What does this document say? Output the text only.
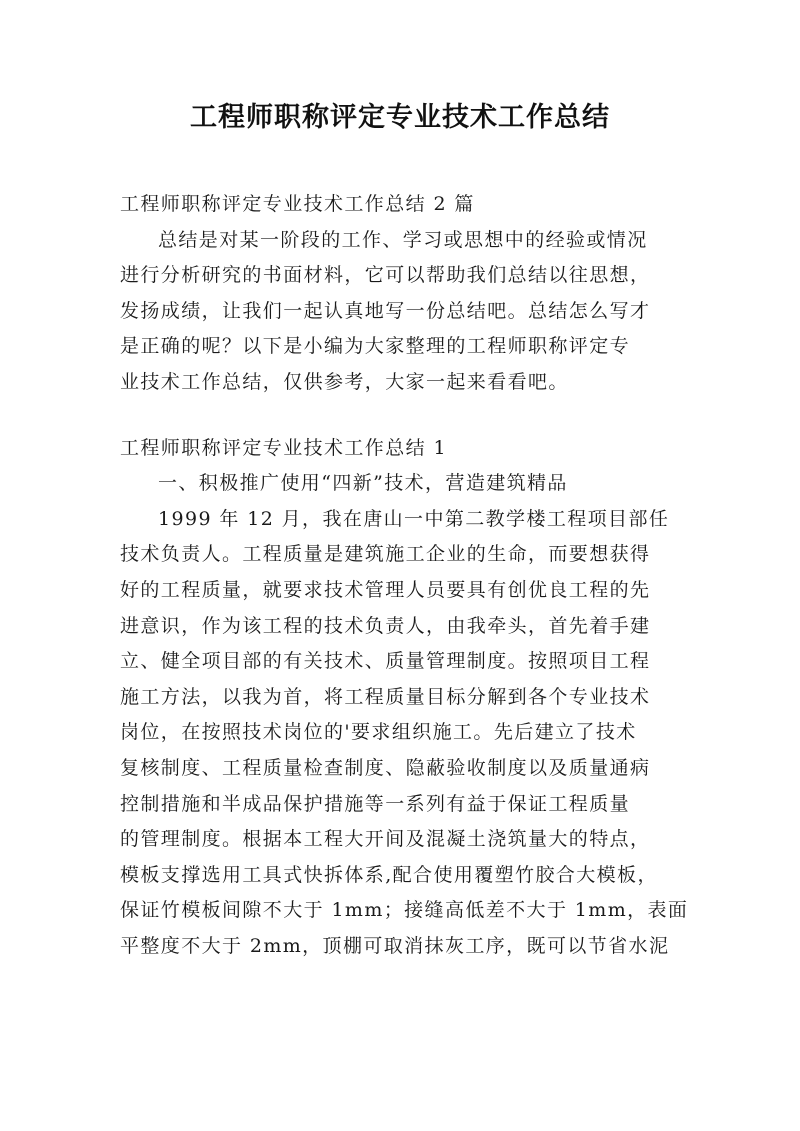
工程师职称评定专业技术工作总结

工程师职称评定专业技术工作总结 2 篇

总结是对某一阶段的工作、学习或思想中的经验或情况

进行分析研究的书面材料，它可以帮助我们总结以往思想，

发扬成绩，让我们一起认真地写一份总结吧。总结怎么写才

是正确的呢？以下是小编为大家整理的工程师职称评定专

业技术工作总结，仅供参考，大家一起来看看吧。

工程师职称评定专业技术工作总结 1

一、积极推广使用“四新”技术，营造建筑精品

1999 年 12 月，我在唐山一中第二教学楼工程项目部任

技术负责人。工程质量是建筑施工企业的生命，而要想获得

好的工程质量，就要求技术管理人员要具有创优良工程的先

进意识，作为该工程的技术负责人，由我牵头，首先着手建

立、健全项目部的有关技术、质量管理制度。按照项目工程

施工方法，以我为首，将工程质量目标分解到各个专业技术

岗位，在按照技术岗位的'要求组织施工。先后建立了技术

复核制度、工程质量检查制度、隐蔽验收制度以及质量通病

控制措施和半成品保护措施等一系列有益于保证工程质量

的管理制度。根据本工程大开间及混凝土浇筑量大的特点，

模板支撑选用工具式快拆体系,配合使用覆塑竹胶合大模板，

保证竹模板间隙不大于 1mm；接缝高低差不大于 1mm，表面

平整度不大于 2mm，顶棚可取消抹灰工序，既可以节省水泥
